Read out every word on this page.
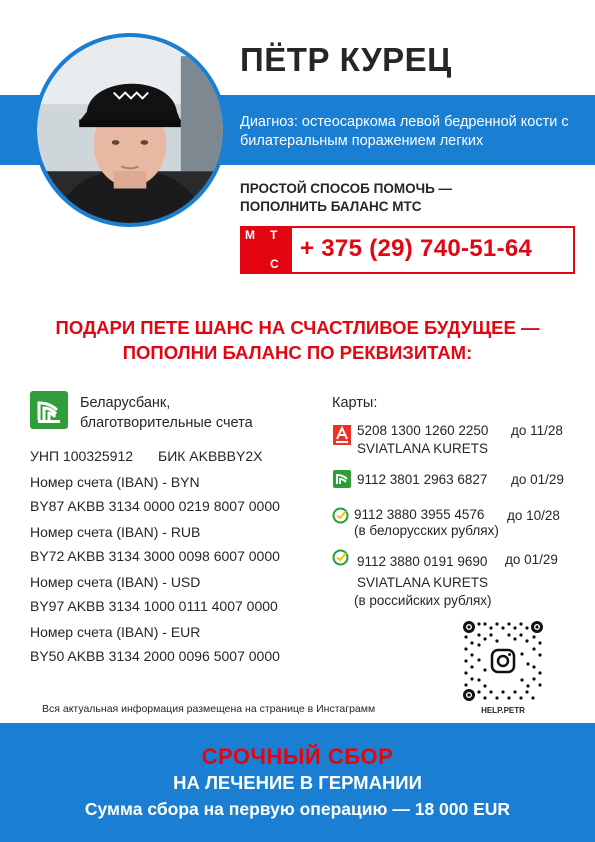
ПЁТР КУРЕЦ
Диагноз: остеосаркома левой бедренной кости с билатеральным поражением легких
ПРОСТОЙ СПОСОБ ПОМОЧЬ —
ПОПОЛНИТЬ БАЛАНС МТС
М Т
С
+ 375 (29) 740-51-64
ПОДАРИ ПЕТЕ ШАНС НА СЧАСТЛИВОЕ БУДУЩЕЕ —
ПОПОЛНИ БАЛАНС ПО РЕКВИЗИТАМ:
Беларусбанк,
благотворительные счета
УНП 100325912 БИК AKBBBY2X
Номер счета (IBAN) - BYN
BY87 AKBB 3134 0000 0219 8007 0000
Номер счета (IBAN) - RUB
BY72 AKBB 3134 3000 0098 6007 0000
Номер счета (IBAN) - USD
BY97 AKBB 3134 1000 0111 4007 0000
Номер счета (IBAN) - EUR
BY50 AKBB 3134 2000 0096 5007 0000
Карты:
5208 1300 1260 2250 до 11/28
SVIATLANA KURETS
9112 3801 2963 6827 до 01/29
9112 3880 3955 4576 до 10/28
(в белорусских рублях)
9112 3880 0191 9690 до 01/29
SVIATLANA KURETS
(в российских рублях)
HELP.PETR
Вся актуальная информация размещена на странице в Инстаграмм
СРОЧНЫЙ СБОР
НА ЛЕЧЕНИЕ В ГЕРМАНИИ
Сумма сбора на первую операцию — 18 000 EUR
